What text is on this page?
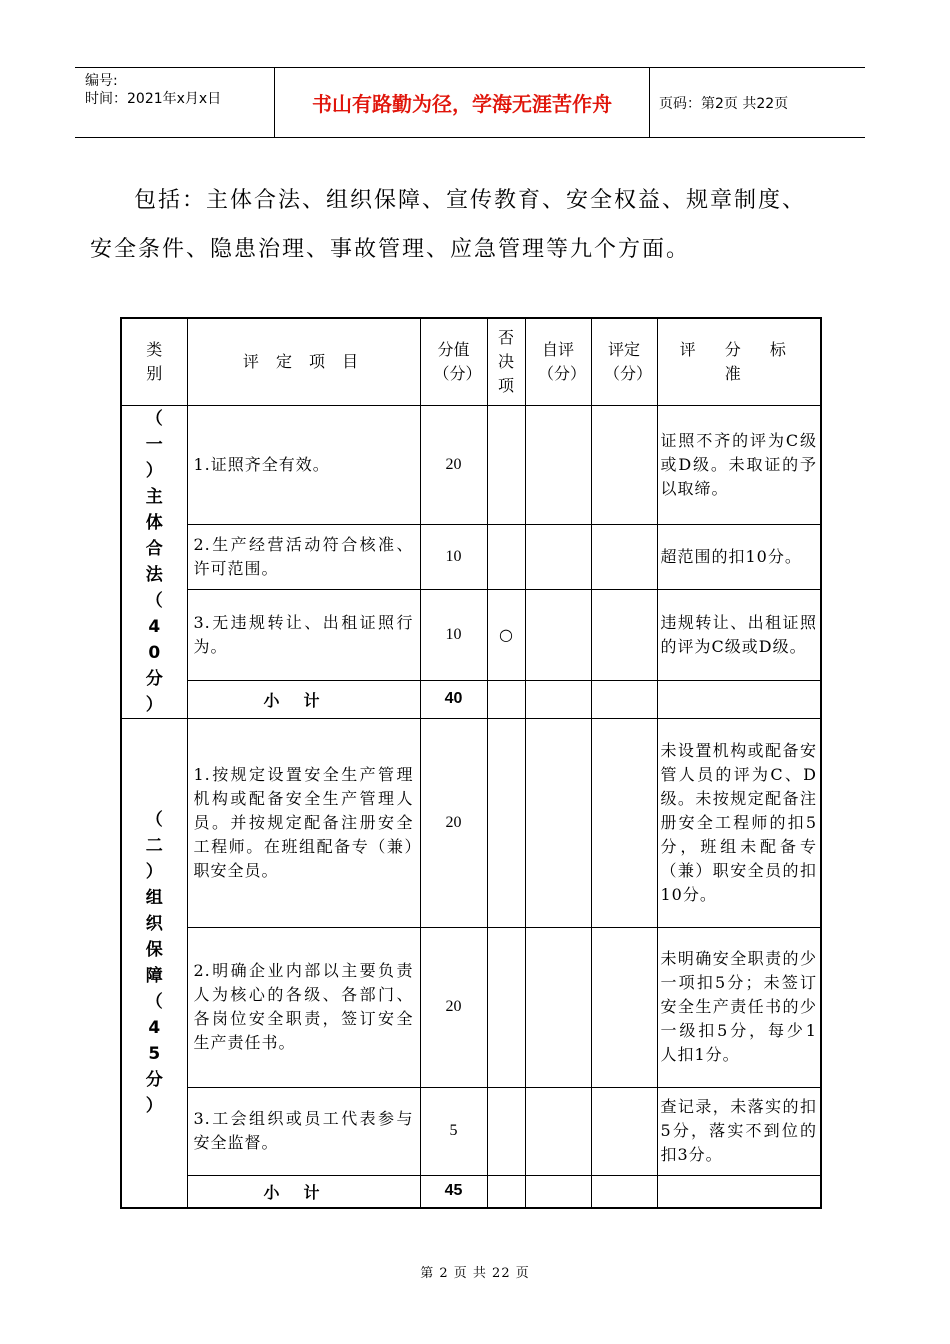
编号:
时间：2021年x月x日	书山有路勤为径，学海无涯苦作舟	页码：第2页 共22页

包括：主体合法、组织保障、宣传教育、安全权益、规章制度、

安全条件、隐患治理、事故管理、应急管理等九个方面。

类别	评 定 项 目	分值（分）	否决项	自评（分）	评定（分）	评 分 标 准
（一）主体合法（40分）	1.证照齐全有效。	20				证照不齐的评为C级或D级。未取证的予以取缔。
	2.生产经营活动符合核准、许可范围。	10				超范围的扣10分。
	3.无违规转让、出租证照行为。	10	○			违规转让、出租证照的评为C级或D级。
	小计	40				
（二）组织保障（45分）	1.按规定设置安全生产管理机构或配备安全生产管理人员。并按规定配备注册安全工程师。在班组配备专（兼）职安全员。	20				未设置机构或配备安管人员的评为C、D级。未按规定配备注册安全工程师的扣5分，班组未配备专（兼）职安全员的扣10分。
	2.明确企业内部以主要负责人为核心的各级、各部门、各岗位安全职责，签订安全生产责任书。	20				未明确安全职责的少一项扣5分；未签订安全生产责任书的少一级扣5分，每少1人扣1分。
	3.工会组织或员工代表参与安全监督。	5				查记录，未落实的扣5分，落实不到位的扣3分。
	小计	45				
第 2 页 共 22 页
